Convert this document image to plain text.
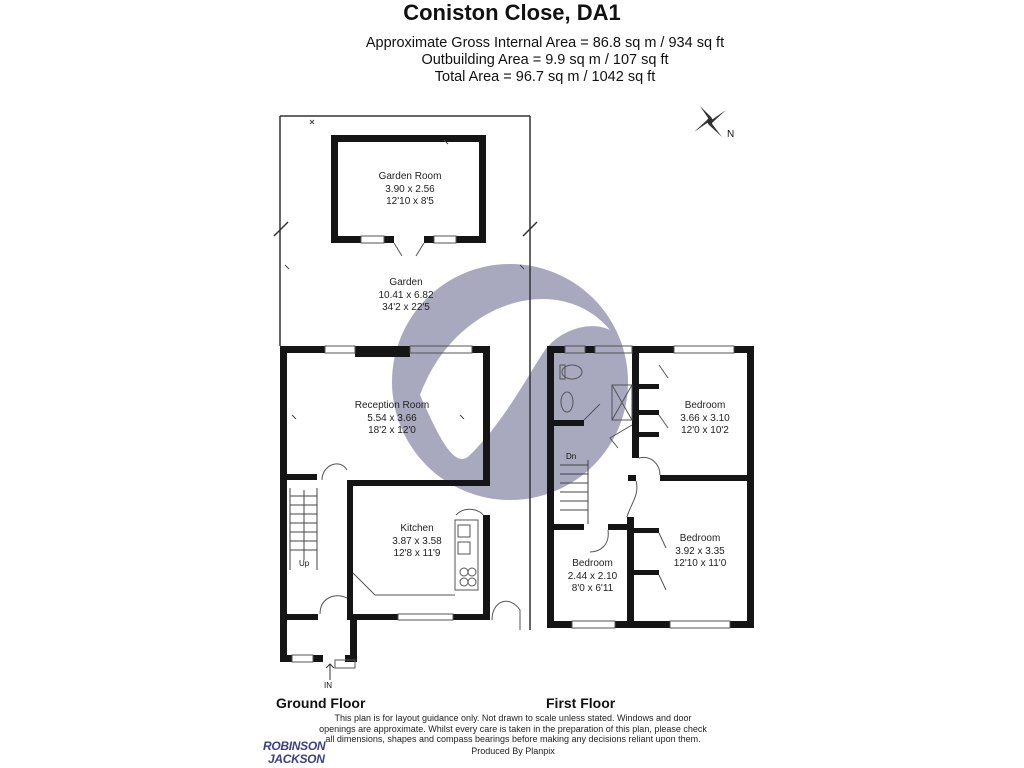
Coniston Close, DA1
Approximate Gross Internal Area = 86.8 sq m / 934 sq ft
Outbuilding Area = 9.9 sq m / 107 sq ft
Total Area = 96.7 sq m / 1042 sq ft
Garden Room
3.90 x 2.56
12'10 x 8'5
Garden
10.41 x 6.82
34'2 x 22'5
Reception Room
5.54 x 3.66
18'2 x 12'0
Kitchen
3.87 x 3.58
12'8 x 11'9
Bedroom
3.66 x 3.10
12'0 x 10'2
Bedroom
3.92 x 3.35
12'10 x 11'0
Bedroom
2.44 x 2.10
8'0 x 6'11
N
Up
Dn
IN
Ground Floor	First Floor
This plan is for layout guidance only. Not drawn to scale unless stated. Windows and door openings are approximate. Whilst every care is taken in the preparation of this plan, please check all dimensions, shapes and compass bearings before making any decisions reliant upon them.
Produced By Planpix
ROBINSON
JACKSON
